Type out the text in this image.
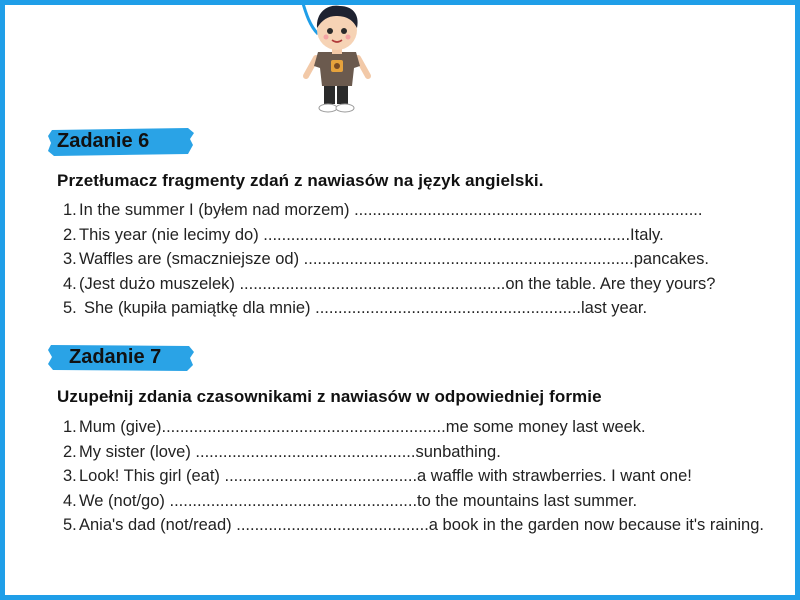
Zadanie 6
Przetłumacz fragmenty zdań z nawiasów na język angielski.
1. In the summer I (byłem nad morzem) ............................................................................
2. This year (nie lecimy do) ................................................................................Italy.
3. Waffles are (smaczniejsze od) ........................................................................pancakes.
4. (Jest dużo muszelek) ..........................................................on the table. Are they yours?
5. She (kupiła pamiątkę dla mnie) ..........................................................last year.
Zadanie 7
Uzupełnij zdania czasownikami z nawiasów w odpowiedniej formie
1. Mum (give)..............................................................me some money last week.
2. My sister (love) ................................................sunbathing.
3. Look! This girl (eat) ..........................................a waffle with strawberries. I want one!
4. We (not/go) ......................................................to the mountains last summer.
5. Ania's dad (not/read) ..........................................a book in the garden now because it's raining.
